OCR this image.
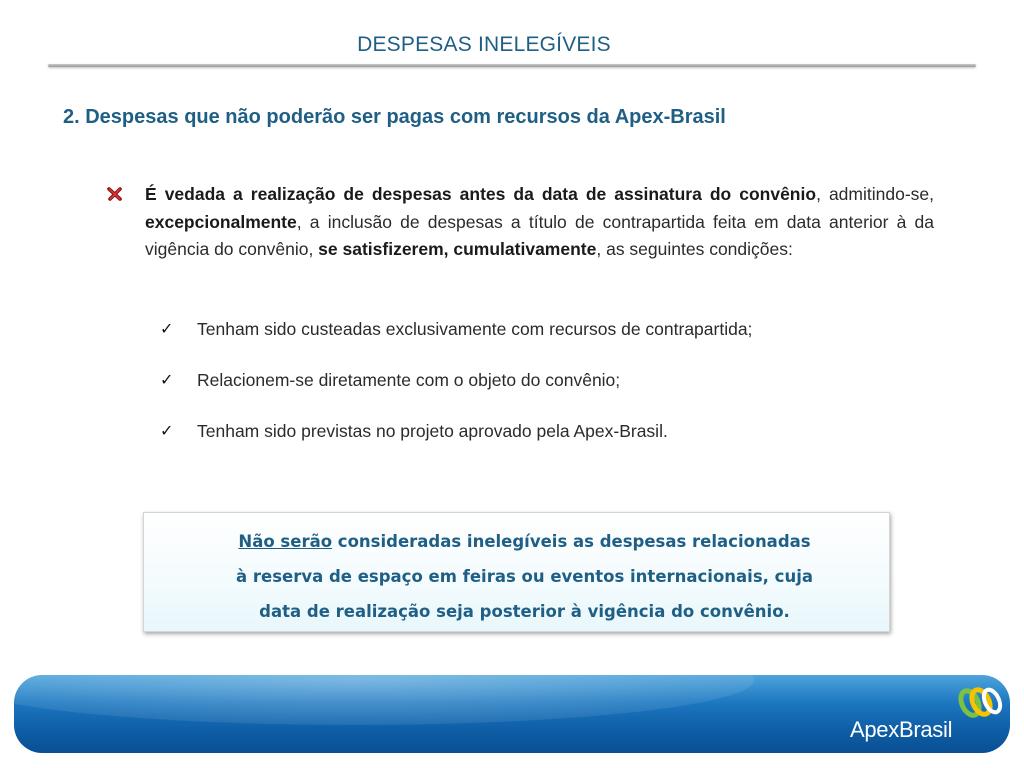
DESPESAS INELEGÍVEIS
2. Despesas que não poderão ser pagas com recursos da Apex-Brasil
É vedada a realização de despesas antes da data de assinatura do convênio, admitindo-se, excepcionalmente, a inclusão de despesas a título de contrapartida feita em data anterior à da vigência do convênio, se satisfizerem, cumulativamente, as seguintes condições:
✓ Tenham sido custeadas exclusivamente com recursos de contrapartida;
✓ Relacionem-se diretamente com o objeto do convênio;
✓ Tenham sido previstas no projeto aprovado pela Apex-Brasil.
Não serão consideradas inelegíveis as despesas relacionadas
à reserva de espaço em feiras ou eventos internacionais, cuja
data de realização seja posterior à vigência do convênio.
ApexBrasil
